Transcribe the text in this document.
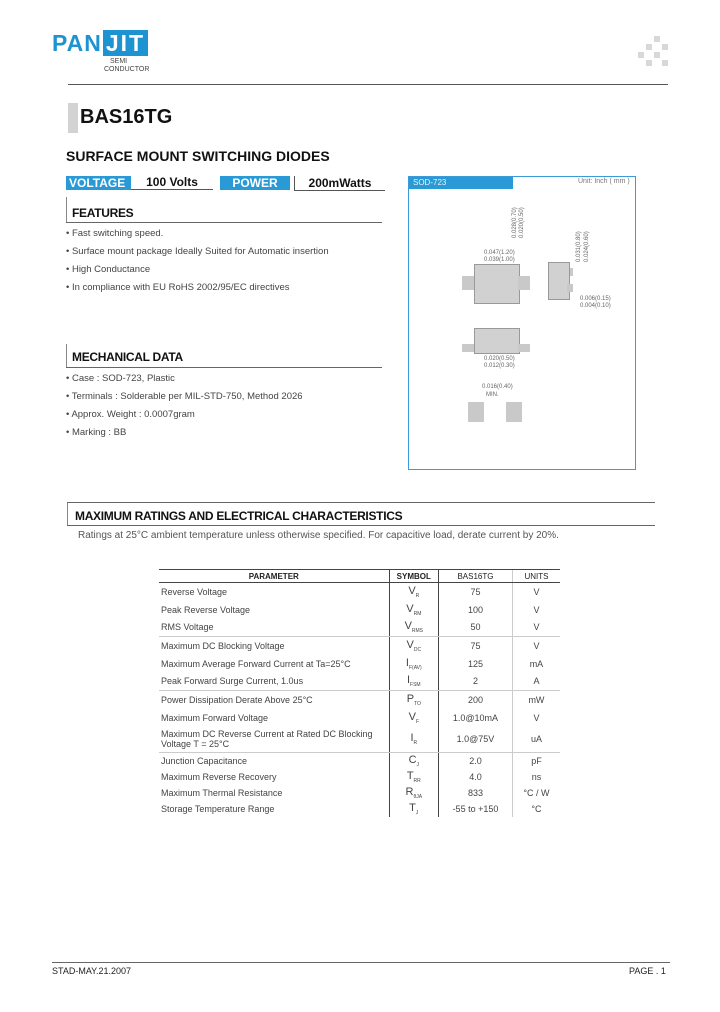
PAN JIT
SEMI
CONDUCTOR
BAS16TG
SURFACE MOUNT SWITCHING DIODES
VOLTAGE	100 Volts	POWER	200mWatts
FEATURES
• Fast switching speed.
• Surface mount package Ideally Suited for Automatic insertion
• High Conductance
• In compliance with EU RoHS 2002/95/EC directives
MECHANICAL DATA
• Case : SOD-723, Plastic
• Terminals : Solderable per MIL-STD-750, Method 2026
• Approx. Weight : 0.0007gram
• Marking : BB
SOD-723	Unit: Inch ( mm )
0.047(1.20)
0.039(1.00)
0.028(0.70) 0.020(0.50)
0.031(0.80) 0.024(0.60)
0.006(0.15)
0.004(0.10)
0.020(0.50)
0.012(0.30)
0.016(0.40)
MIN.
MAXIMUM RATINGS AND ELECTRICAL CHARACTERISTICS
Ratings at 25°C ambient temperature unless otherwise specified. For capacitive load, derate current by 20%.
PARAMETER	SYMBOL	BAS16TG	UNITS
Reverse Voltage	$V_R$	75	V
Peak Reverse Voltage	$V_{RM}$	100	V
RMS Voltage	$V_{RMS}$	50	V
Maximum DC Blocking Voltage	$V_{DC}$	75	V
Maximum Average Forward Current at Ta=25°C	$I_{F(AV)}$	125	mA
Peak Forward Surge Current, 1.0us	$I_{FSM}$	2	A
Power Dissipation Derate Above 25°C	$P_{TO}$	200	mW
Maximum Forward Voltage	$V_F$	1.0@10mA	V
Maximum DC Reverse Current at Rated DC Blocking Voltage T = 25°C	$I_R$	1.0@75V	uA
Junction Capacitance	$C_J$	2.0	pF
Maximum Reverse Recovery	$T_{RR}$	4.0	ns
Maximum Thermal Resistance	$R_{\theta JA}$	833	°C / W
Storage Temperature Range	$T_J$	-55 to +150	°C
STAD-MAY.21.2007	PAGE . 1
